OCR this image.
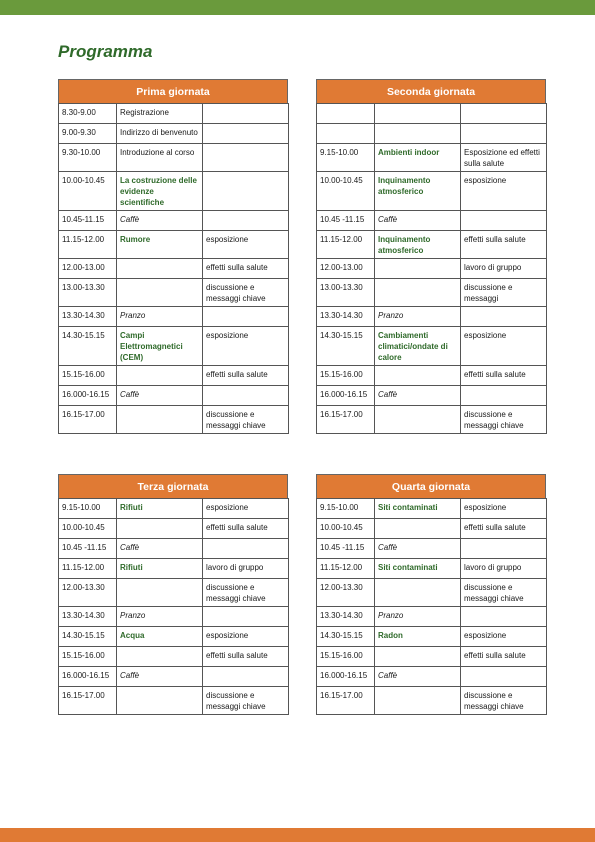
Programma
Prima giornata
8.30-9.00	Registrazione	
9.00-9.30	Indirizzo di benvenuto	
9.30-10.00	Introduzione al corso	
10.00-10.45	La costruzione delle evidenze scientifiche	
10.45-11.15	Caffè	
11.15-12.00	Rumore	esposizione
12.00-13.00		effetti sulla salute
13.00-13.30		discussione e messaggi chiave
13.30-14.30	Pranzo	
14.30-15.15	Campi Elettromagnetici (CEM)	esposizione
15.15-16.00		effetti sulla salute
16.000-16.15	Caffè	
16.15-17.00		discussione e messaggi chiave
Seconda giornata

9.15-10.00	Ambienti indoor	Esposizione ed effetti sulla salute
10.00-10.45	Inquinamento atmosferico	esposizione
10.45 -11.15	Caffè	
11.15-12.00	Inquinamento atmosferico	effetti sulla salute
12.00-13.00		lavoro di gruppo
13.00-13.30		discussione e messaggi
13.30-14.30	Pranzo	
14.30-15.15	Cambiamenti climatici/ondate di calore	esposizione
15.15-16.00		effetti sulla salute
16.000-16.15	Caffè	
16.15-17.00		discussione e messaggi chiave
Terza giornata
9.15-10.00	Rifiuti	esposizione
10.00-10.45		effetti sulla salute
10.45 -11.15	Caffè	
11.15-12.00	Rifiuti	lavoro di gruppo
12.00-13.30		discussione e messaggi chiave
13.30-14.30	Pranzo	
14.30-15.15	Acqua	esposizione
15.15-16.00		effetti sulla salute
16.000-16.15	Caffè	
16.15-17.00		discussione e messaggi chiave
Quarta giornata
9.15-10.00	Siti contaminati	esposizione
10.00-10.45		effetti sulla salute
10.45 -11.15	Caffè	
11.15-12.00	Siti contaminati	lavoro di gruppo
12.00-13.30		discussione e messaggi chiave
13.30-14.30	Pranzo	
14.30-15.15	Radon	esposizione
15.15-16.00		effetti sulla salute
16.000-16.15	Caffè	
16.15-17.00		discussione e messaggi chiave
